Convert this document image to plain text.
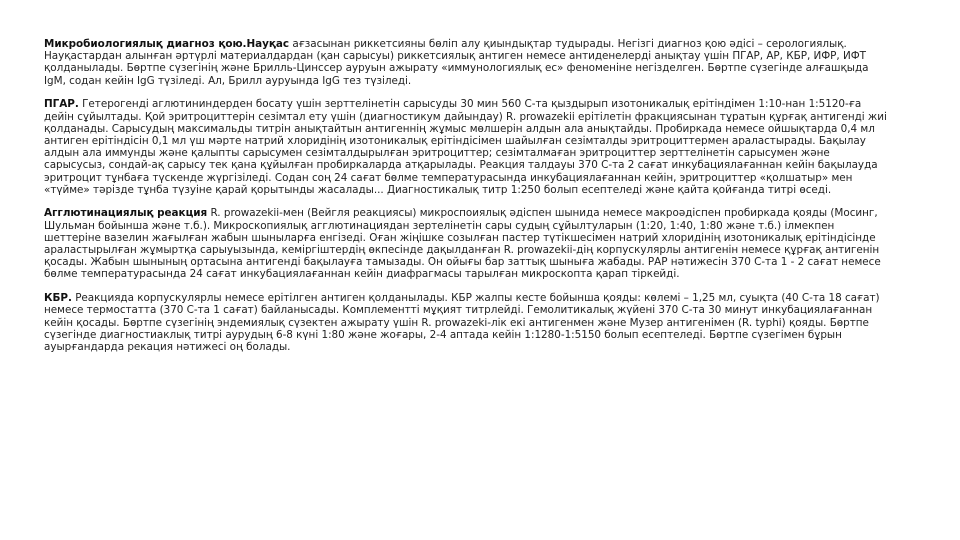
Микробиологиялық диагноз қою.Науқас ағзасынан риккетсияны бөліп алу қиындықтар тудырады. Негізгі диагноз қою әдісі – серологиялық. Науқастардан алынған әртүрлі материалдардан (қан сарысуы) риккетсиялық антиген немесе антиденелерді анықтау үшін ПГАР, АР, КБР, ИФР, ИФТ қолданылады. Бөртпе сүзегінің және Брилль-Цинссер ауруын ажырату «иммунологиялық ес» феноменіне негізделген. Бөртпе сүзегінде алғашқыда IgM, содан кейін IgG түзіледі. Ал, Брилл ауруында IgG тез түзіледі.

ПГАР. Гетерогенді аглютининдерден босату үшін зерттелінетін сарысуды 30 мин 560 С-та қыздырып изотоникалық ерітіндімен 1:10-нан 1:5120-ға дейін сұйылтады. Қой эритроциттерін сезімтал ету үшін (диагностикум дайындау) R. prowazekii ерітілетін фракциясынан тұратын құрғақ антигенді жиі қолданады. Сарысудың максимальды титрін анықтайтын антигеннің жұмыс мөлшерін алдын ала анықтайды. Пробиркада немесе ойшықтарда 0,4 мл антиген ерітіндісін 0,1 мл үш мәрте натрий хлоридінің изотоникалық ерітіндісімен шайылған сезімталды эритроциттермен араластырады. Бақылау алдын ала иммунды және қалыпты сарысумен сезімталдырылған эритроциттер; сезімталмаған эритроциттер зерттелінетін сарысумен және сарысусыз, сондай-ақ сарысу тек қана құйылған пробиркаларда атқарылады. Реакция талдауы 370 С-та 2 сағат инкубациялағаннан кейін бақылауда эритроцит тұнбаға түскенде жүргізіледі. Содан соң 24 сағат бөлме температурасында инкубациялағаннан кейін, эритроциттер «қолшатыр» мен «түйме» тәрізде тұнба түзуіне қарай қорытынды жасалады... Диагностикалық титр 1:250 болып есептеледі және қайта қойғанда титрі өседі.

Агглютинациялық реакция R. prowazekii-мен (Вейгля реакциясы) микроспоиялық әдіспен шынида немесе макроәдіспен пробиркада қояды (Мосинг, Шульман бойынша және т.б.). Микроскопиялық агглютинациядан зертелінетін сары судың сұйылтуларын (1:20, 1:40, 1:80 және т.б.) ілмекпен шеттеріне вазелин жағылған жабын шыныларға енгізеді. Оған жіңішке созылған пастер түтікшесімен натрий хлоридінің изотоникалық ерітіндісінде араластырылған жұмыртқа сарыуызында, кеміргіштердің өкпесінде дақылданған R. prowazekii-дің корпускулярлы антигенін немесе құрғақ антигенін қосады. Жабын шынының ортасына антигенді бақылауға тамызады. Он ойығы бар заттық шыныға жабады. РАР нәтижесін 370 С-та 1 - 2 сағат немесе бөлме температурасында 24 сағат инкубациялағаннан кейін диафрагмасы тарылған микроскопта қарап тіркейді.

КБР. Реакцияда корпускулярлы немесе ерітілген антиген қолданылады. КБР жалпы кесте бойынша қояды: көлемі – 1,25 мл, суықта (40 С-та 18 сағат) немесе термостатта (370 С-та 1 сағат) байланысады. Комплементті мұқият титрлейді. Гемолитикалық жүйені 370 С-та 30 минут инкубациялағаннан кейін қосады. Бөртпе сүзегінің эндемиялық сүзектен ажырату үшін R. prowazeki-лік екі антигенмен және Музер антигенімен (R. typhi) қояды. Бөртпе сүзегінде диагностиаклық титрі аурудың 6-8 күні 1:80 және жоғары, 2-4 аптада кейін 1:1280-1:5150 болып есептеледі. Бөртпе сүзегімен бұрын ауырғандарда рекация нәтижесі оң болады.
